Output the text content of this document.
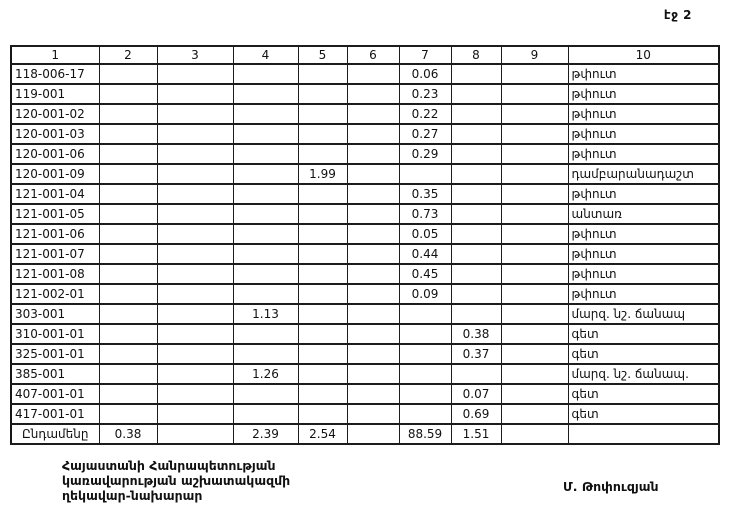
էջ 2
1	2	3	4	5	6	7	8	9	10
118-006-17						0.06			թփուտ
119-001						0.23			թփուտ
120-001-02						0.22			թփուտ
120-001-03						0.27			թփուտ
120-001-06						0.29			թփուտ
120-001-09				1.99					դամբարանադաշտ
121-001-04						0.35			թփուտ
121-001-05						0.73			անտառ
121-001-06						0.05			թփուտ
121-001-07						0.44			թփուտ
121-001-08						0.45			թփուտ
121-002-01						0.09			թփուտ
303-001			1.13						մարզ. նշ. ճանապ
310-001-01							0.38		գետ
325-001-01							0.37		գետ
385-001			1.26						մարզ. նշ. ճանապ.
407-001-01							0.07		գետ
417-001-01							0.69		գետ
Ընդամենը	0.38		2.39	2.54		88.59	1.51		
Հայաստանի Հանրապետության
կառավարության աշխատակազմի
ղեկավար-նախարար
Մ. Թոփուզյան
